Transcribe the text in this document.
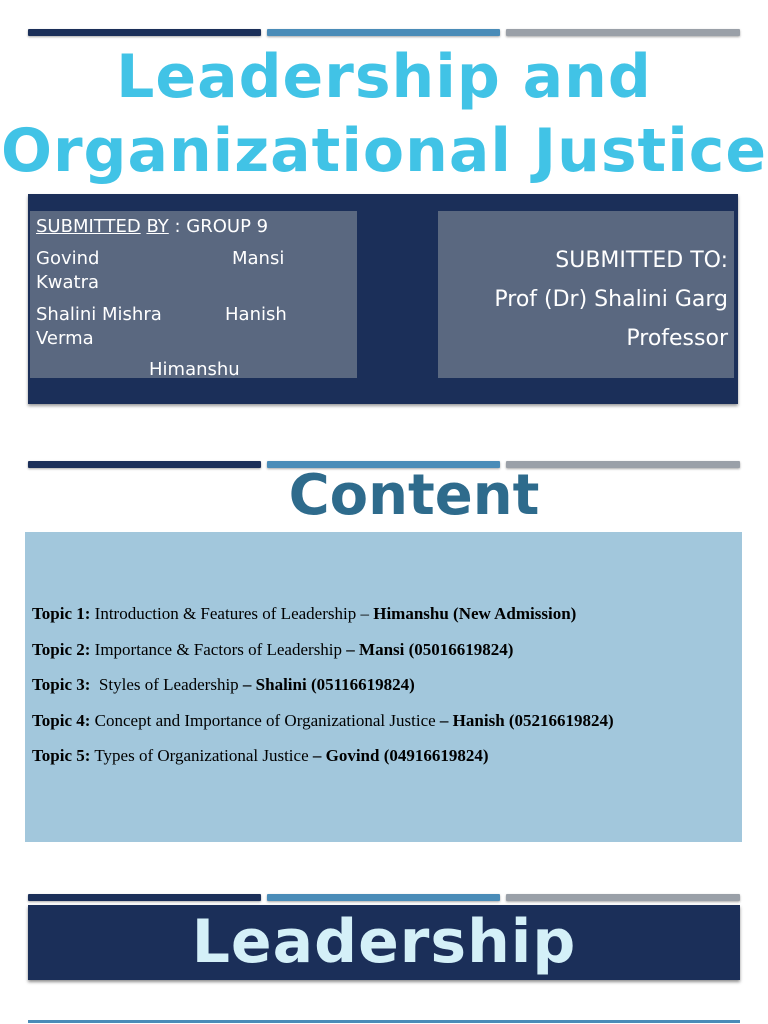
Leadership and
Organizational Justice
SUBMITTED BY : GROUP 9
Govind	Mansi
Kwatra
Shalini Mishra	Hanish
Verma
Himanshu
SUBMITTED TO:
Prof (Dr) Shalini Garg
Professor
Content
Topic 1: Introduction & Features of Leadership – Himanshu (New Admission)
Topic 2: Importance & Factors of Leadership – Mansi (05016619824)
Topic 3:  Styles of Leadership – Shalini (05116619824)
Topic 4: Concept and Importance of Organizational Justice – Hanish (05216619824)
Topic 5: Types of Organizational Justice – Govind (04916619824)
Leadership
